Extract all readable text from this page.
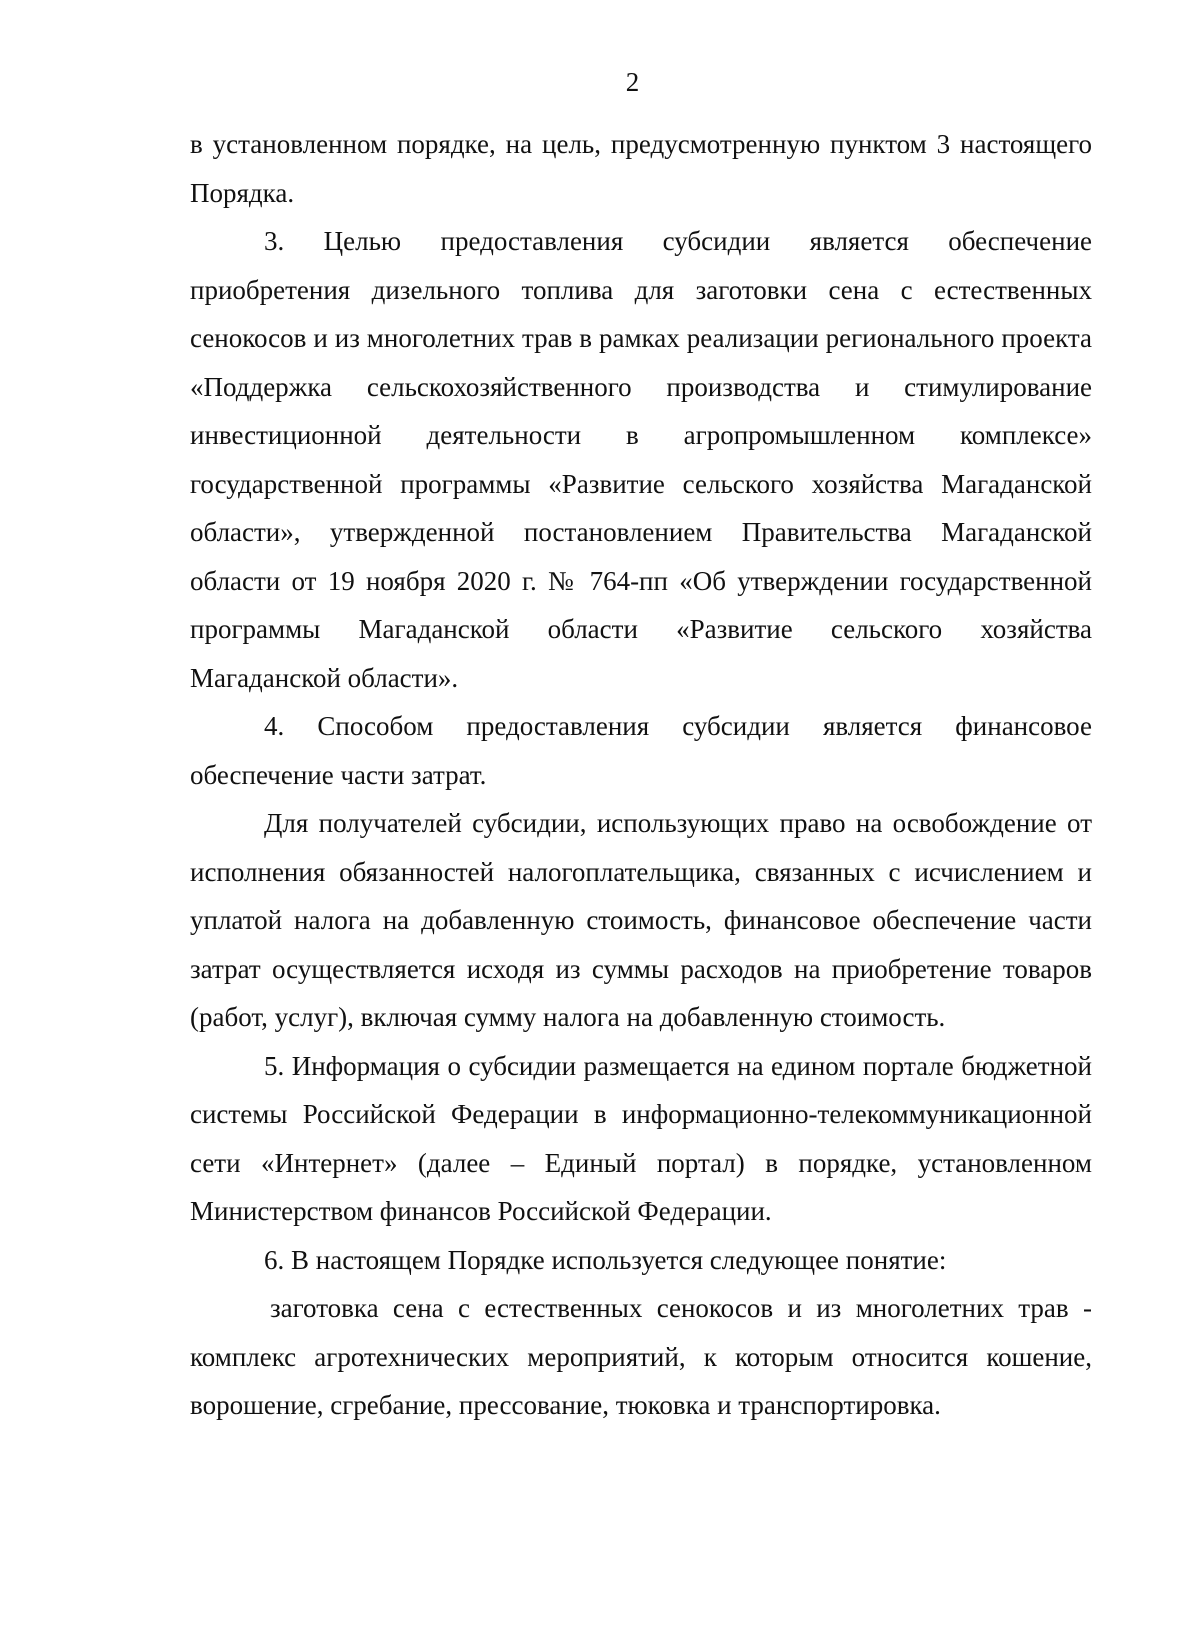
2

в установленном порядке, на цель, предусмотренную пунктом 3 настоящего Порядка.

3. Целью предоставления субсидии является обеспечение приобретения дизельного топлива для заготовки сена с естественных сенокосов и из многолетних трав в рамках реализации регионального проекта «Поддержка сельскохозяйственного производства и стимулирование инвестиционной деятельности в агропромышленном комплексе» государственной программы «Развитие сельского хозяйства Магаданской области», утвержденной постановлением Правительства Магаданской области от 19 ноября 2020 г. № 764-пп «Об утверждении государственной программы Магаданской области «Развитие сельского хозяйства Магаданской области».

4. Способом предоставления субсидии является финансовое обеспечение части затрат.

Для получателей субсидии, использующих право на освобождение от исполнения обязанностей налогоплательщика, связанных с исчислением и уплатой налога на добавленную стоимость, финансовое обеспечение части затрат осуществляется исходя из суммы расходов на приобретение товаров (работ, услуг), включая сумму налога на добавленную стоимость.

5. Информация о субсидии размещается на едином портале бюджетной системы Российской Федерации в информационно-телекоммуникационной сети «Интернет» (далее – Единый портал) в порядке, установленном Министерством финансов Российской Федерации.

6. В настоящем Порядке используется следующее понятие:

заготовка сена с естественных сенокосов и из многолетних трав - комплекс агротехнических мероприятий, к которым относится кошение, ворошение, сгребание, прессование, тюковка и транспортировка.
